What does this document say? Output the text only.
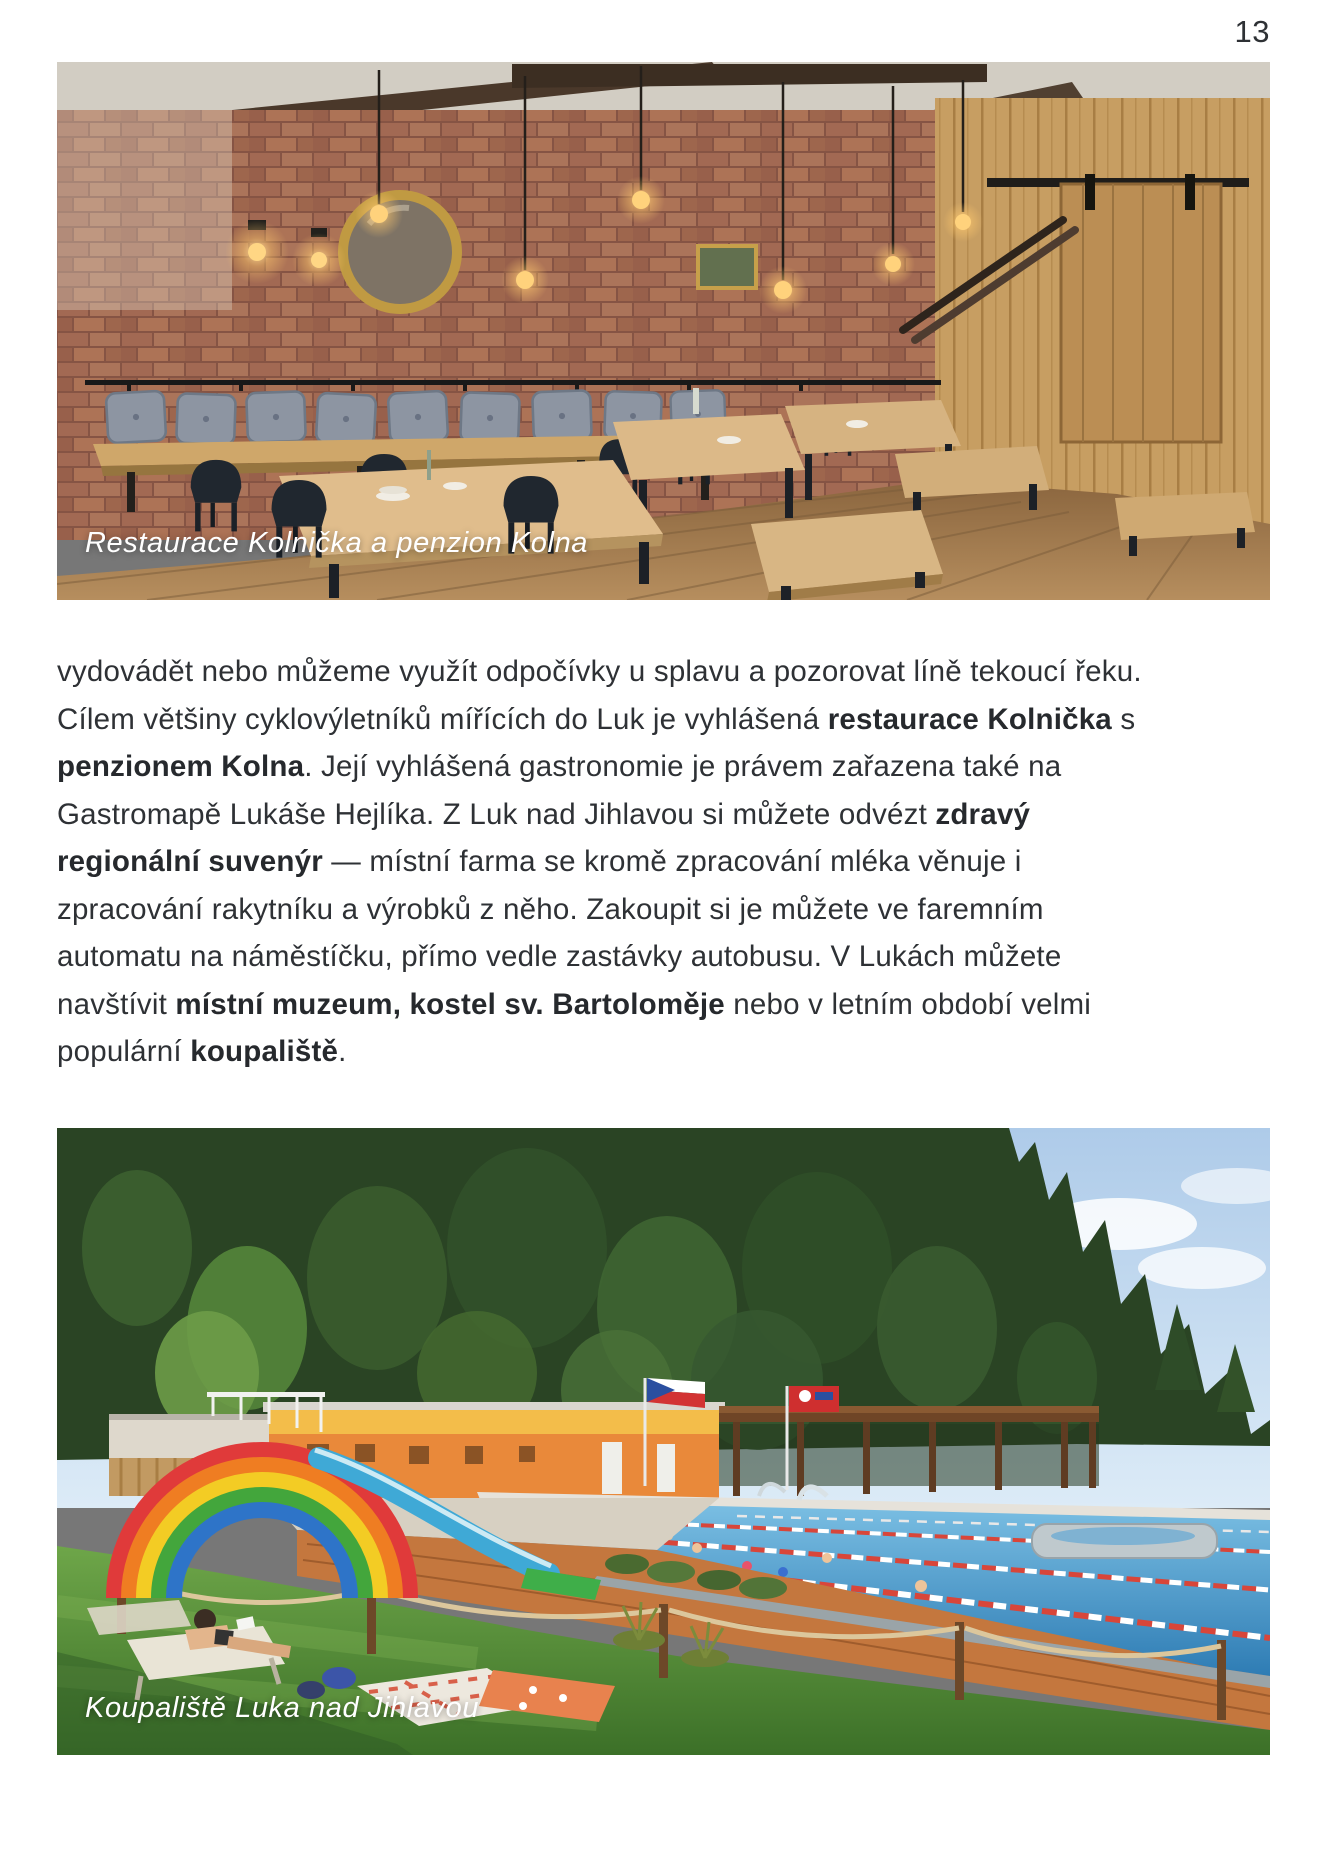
13
Restaurace Kolnička a penzion Kolna

vydovádět nebo můžeme využít odpočívky u splavu a pozorovat líně tekoucí řeku. Cílem většiny cyklovýletníků mířících do Luk je vyhlášená restaurace Kolnička s penzionem Kolna. Její vyhlášená gastronomie je právem zařazena také na Gastromapě Lukáše Hejlíka. Z Luk nad Jihlavou si můžete odvézt zdravý regionální suvenýr — místní farma se kromě zpracování mléka věnuje i zpracování rakytníku a výrobků z něho. Zakoupit si je můžete ve faremním automatu na náměstíčku, přímo vedle zastávky autobusu. V Lukách můžete navštívit místní muzeum, kostel sv. Bartoloměje nebo v letním období velmi populární koupaliště.

Koupaliště Luka nad Jihlavou
